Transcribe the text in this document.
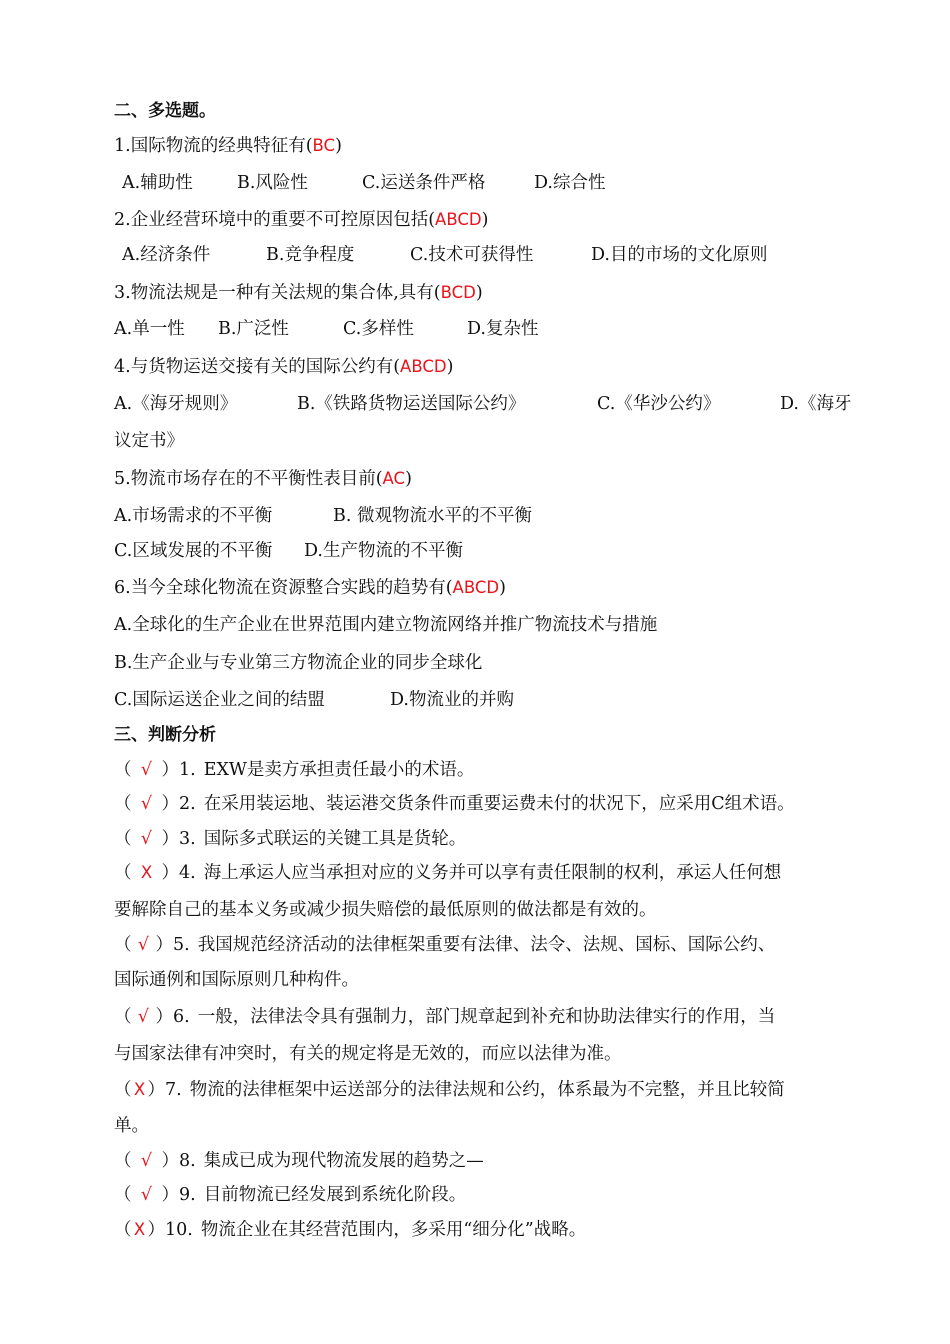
二、多选题。
1.国际物流的经典特征有(BC)
A.辅助性	B.风险性	C.运送条件严格	D.综合性
2.企业经营环境中的重要不可控原因包括(ABCD)
A.经济条件	B.竞争程度	C.技术可获得性	D.目的市场的文化原则
3.物流法规是一种有关法规的集合体,具有(BCD)
A.单一性 B.广泛性	C.多样性	D.复杂性
4.与货物运送交接有关的国际公约有(ABCD)
A.《海牙规则》	B.《铁路货物运送国际公约》	C.《华沙公约》	D.《海牙
议定书》
5.物流市场存在的不平衡性表目前(AC)
A.市场需求的不平衡	B. 微观物流水平的不平衡
C.区域发展的不平衡 D.生产物流的不平衡
6.当今全球化物流在资源整合实践的趋势有(ABCD)
A.全球化的生产企业在世界范围内建立物流网络并推广物流技术与措施
B.生产企业与专业第三方物流企业的同步全球化
C.国际运送企业之间的结盟	D.物流业的并购
三、判断分析
（ √ ）1. EXW是卖方承担责任最小的术语。
（ √ ）2. 在采用装运地、装运港交货条件而重要运费未付的状况下，应采用C组术语。
（ √ ）3. 国际多式联运的关键工具是货轮。
（ X ）4. 海上承运人应当承担对应的义务并可以享有责任限制的权利，承运人任何想
要解除自己的基本义务或减少损失赔偿的最低原则的做法都是有效的。
（ √ ）5. 我国规范经济活动的法律框架重要有法律、法令、法规、国标、国际公约、
国际通例和国际原则几种构件。
（ √ ）6. 一般，法律法令具有强制力，部门规章起到补充和协助法律实行的作用，当
与国家法律有冲突时，有关的规定将是无效的，而应以法律为准。
（ X ）7. 物流的法律框架中运送部分的法律法规和公约，体系最为不完整，并且比较简
单。
（ √ ）8. 集成已成为现代物流发展的趋势之—
（ √ ）9. 目前物流已经发展到系统化阶段。
（ X ）10. 物流企业在其经营范围内，多采用“细分化”战略。
